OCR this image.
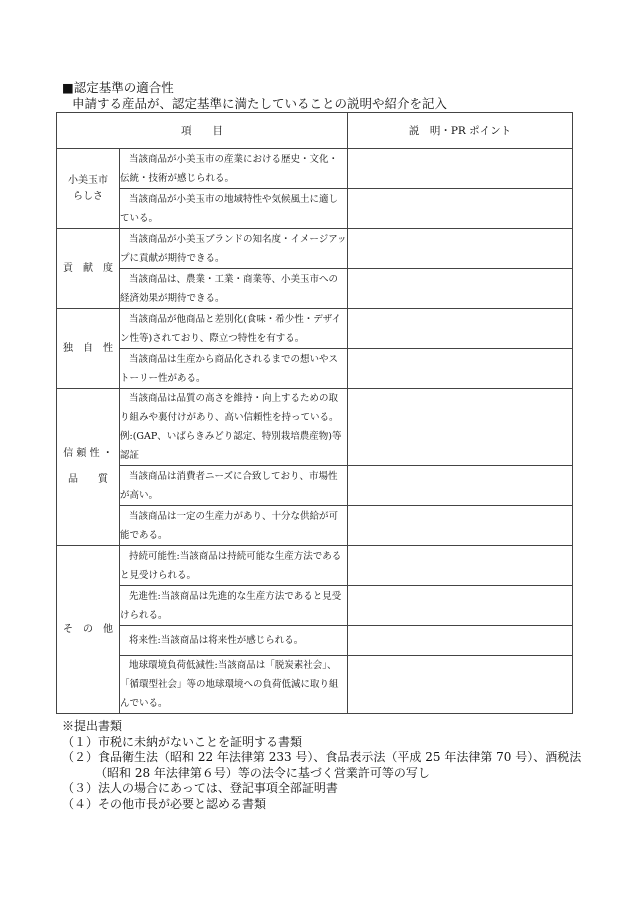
■認定基準の適合性
申請する産品が、認定基準に満たしていることの説明や紹介を記入
項　　目		説　明・PR ポイント

小美玉市
らしさ	当該商品が小美玉市の産業における歴史・文化・伝統・技術が感じられる。	

	当該商品が小美玉市の地域特性や気候風土に適している。	

貢　献　度	当該商品が小美玉ブランドの知名度・イメージアップに貢献が期待できる。	

	当該商品は、農業・工業・商業等、小美玉市への経済効果が期待できる。	

独　自　性	当該商品が他商品と差別化(食味・希少性・デザイン性等)されており、際立つ特性を有する。	

	当該商品は生産から商品化されるまでの想いやストーリー性がある。	

信 頼 性 ・
品　　質	当該商品は品質の高さを維持・向上するための取り組みや裏付けがあり、高い信頼性を持っている。例:(GAP、いばらきみどり認定、特別栽培農産物)等認証	

	当該商品は消費者ニーズに合致しており、市場性が高い。	

	当該商品は一定の生産力があり、十分な供給が可能である。	

そ　の　他	持続可能性:当該商品は持続可能な生産方法であると見受けられる。	

	先進性:当該商品は先進的な生産方法であると見受けられる。	

	将来性:当該商品は将来性が感じられる。	

	地球環境負荷低減性:当該商品は「脱炭素社会」、「循環型社会」等の地球環境への負荷低減に取り組んでいる。	

※提出書類
（１）市税に未納がないことを証明する書類
（２）食品衛生法（昭和 22 年法律第 233 号）、食品表示法（平成 25 年法律第 70 号）、酒税法
（昭和 28 年法律第６号）等の法令に基づく営業許可等の写し
（３）法人の場合にあっては、登記事項全部証明書
（４）その他市長が必要と認める書類
